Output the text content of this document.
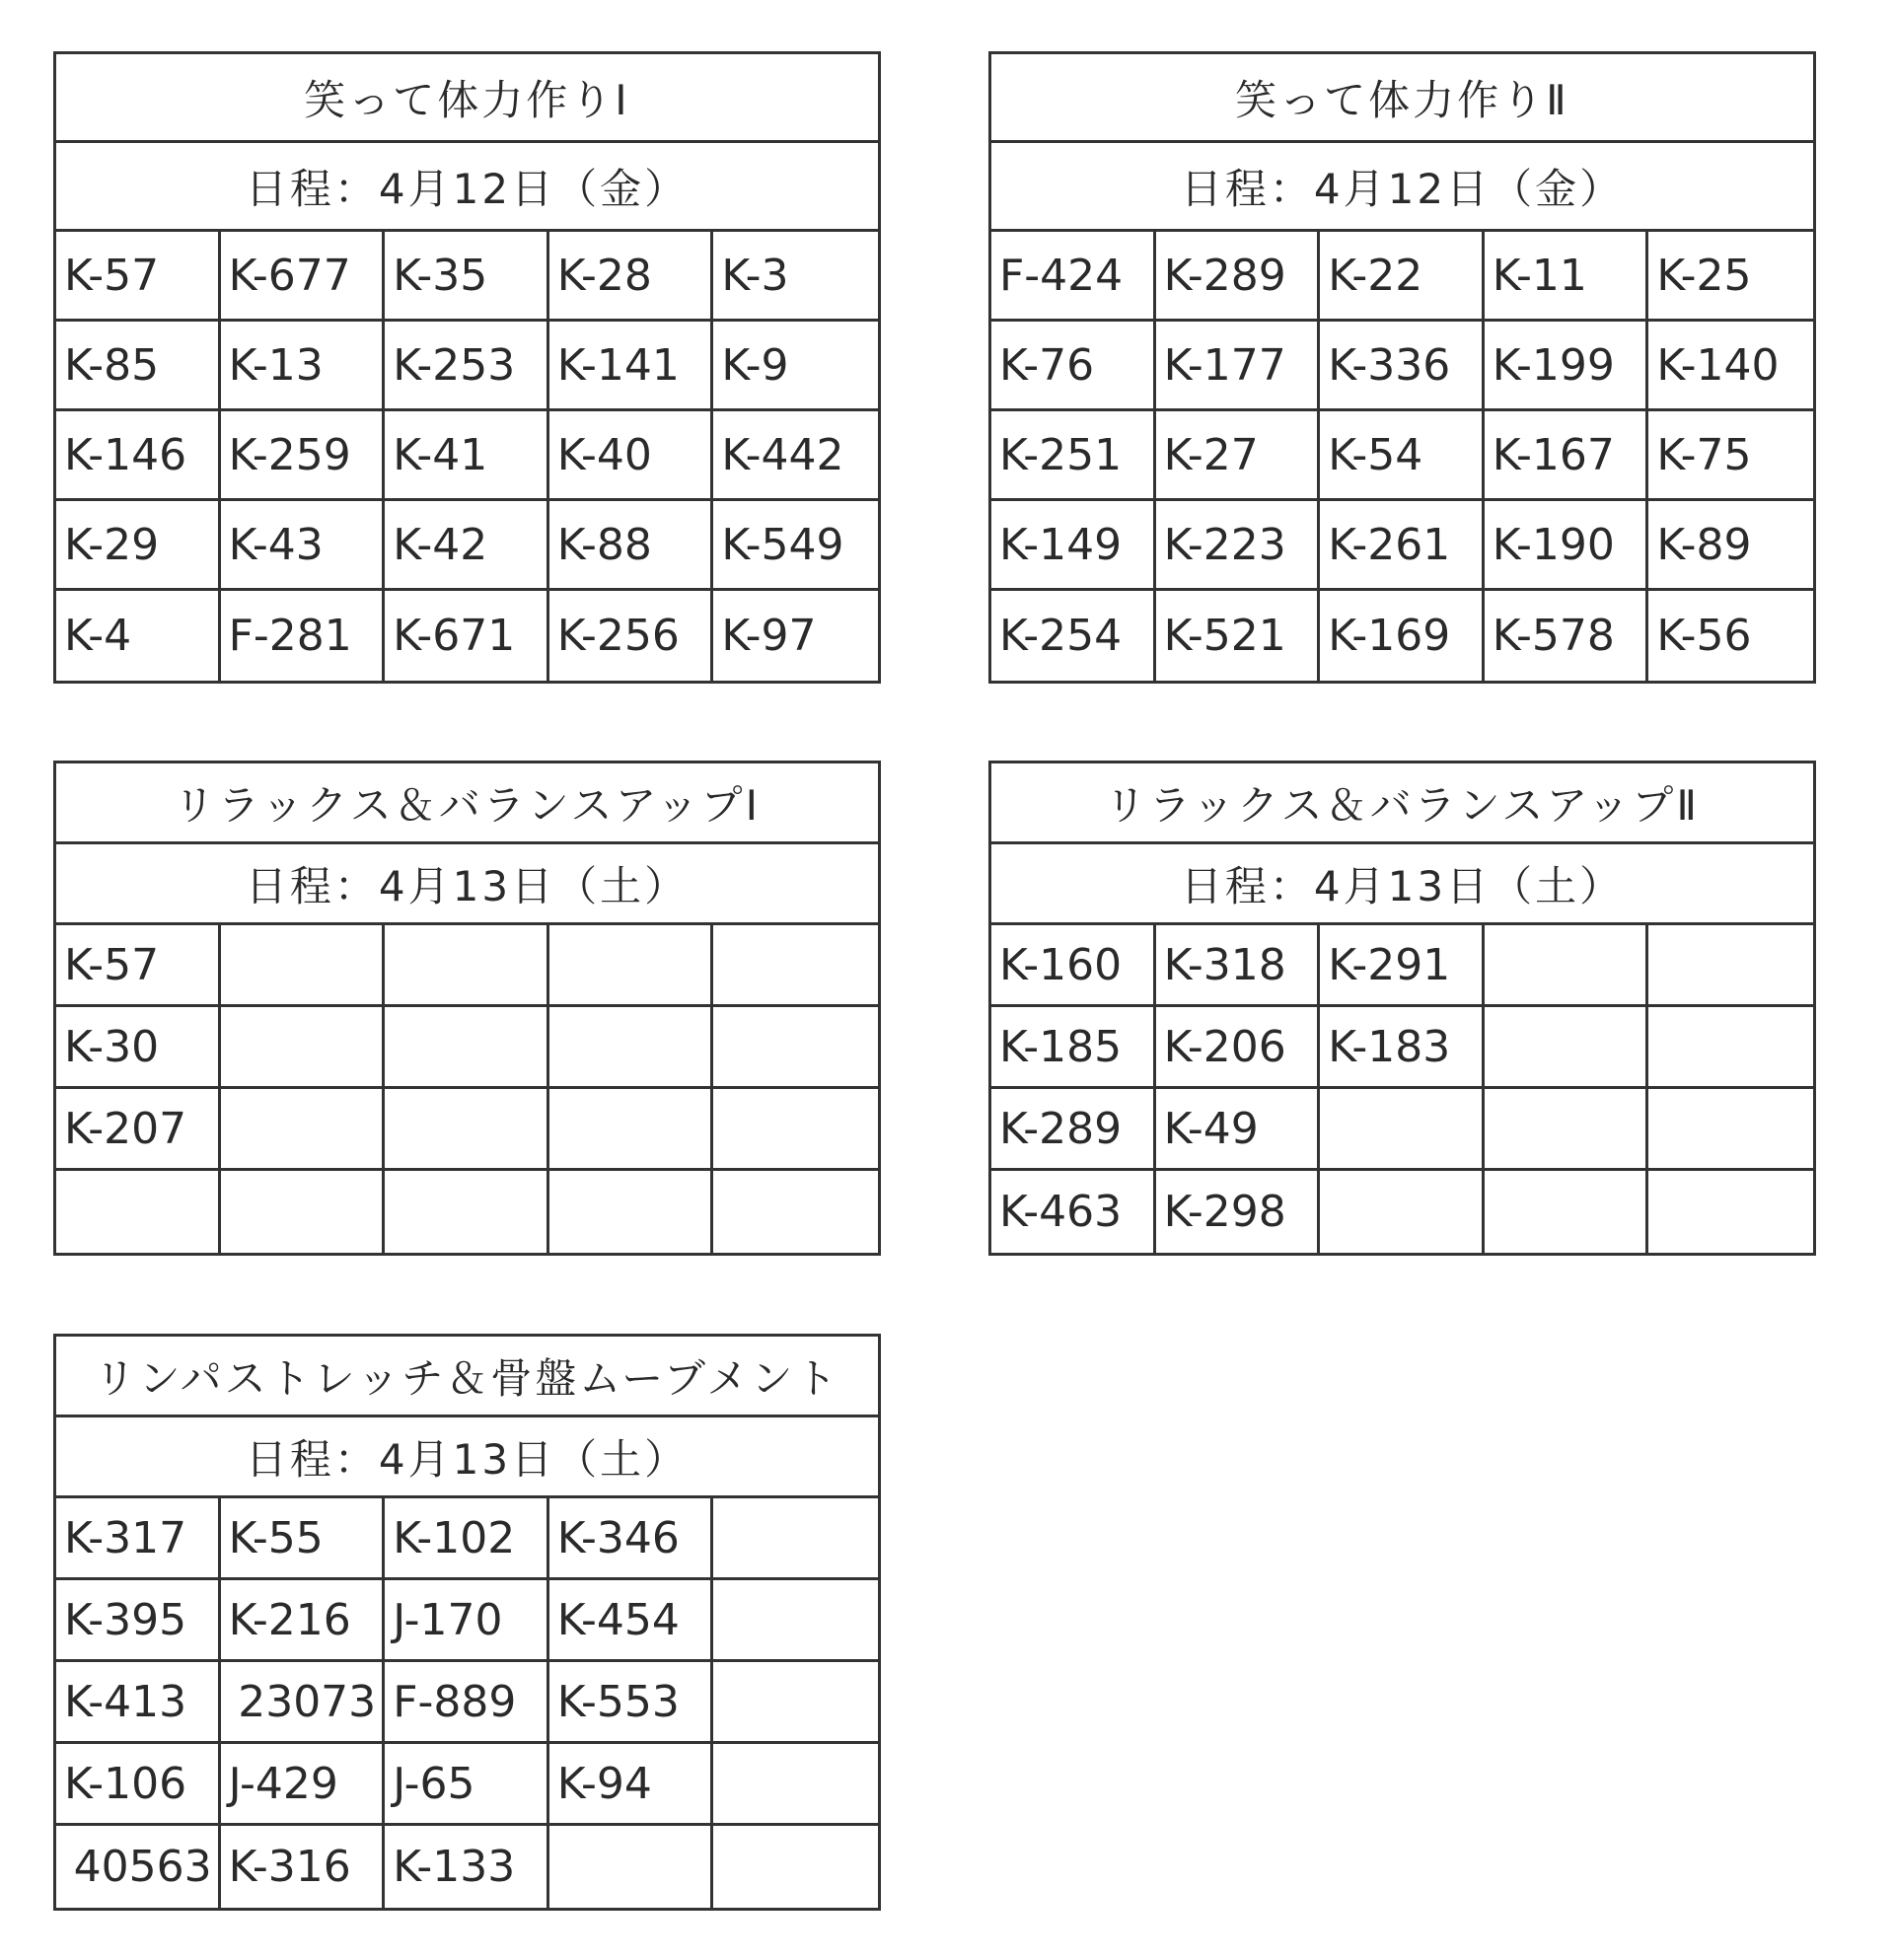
笑って体力作りⅠ
日程：4月12日（金）
K-57	K-677 K-35	K-28	K-3
K-85	K-13	K-253 K-141 K-9
K-146 K-259 K-41	K-40	K-442
K-29	K-43	K-42	K-88	K-549
K-4	F-281 K-671 K-256 K-97
笑って体力作りⅡ
日程：4月12日（金）
F-424 K-289 K-22	K-11	K-25
K-76	K-177 K-336 K-199 K-140
K-251 K-27	K-54	K-167 K-75
K-149 K-223 K-261 K-190 K-89
K-254 K-521 K-169 K-578 K-56
リラックス＆バランスアップⅠ
日程：4月13日（土）
K-57
K-30
K-207
リラックス＆バランスアップⅡ
日程：4月13日（土）
K-160 K-318 K-291
K-185 K-206 K-183
K-289 K-49
K-463 K-298
リンパストレッチ＆骨盤ムーブメント
日程：4月13日（土）
K-317 K-55	K-102 K-346
K-395 K-216 J-170	K-454
K-413	23073 F-889 K-553
K-106 J-429	J-65	K-94
40563 K-316 K-133
